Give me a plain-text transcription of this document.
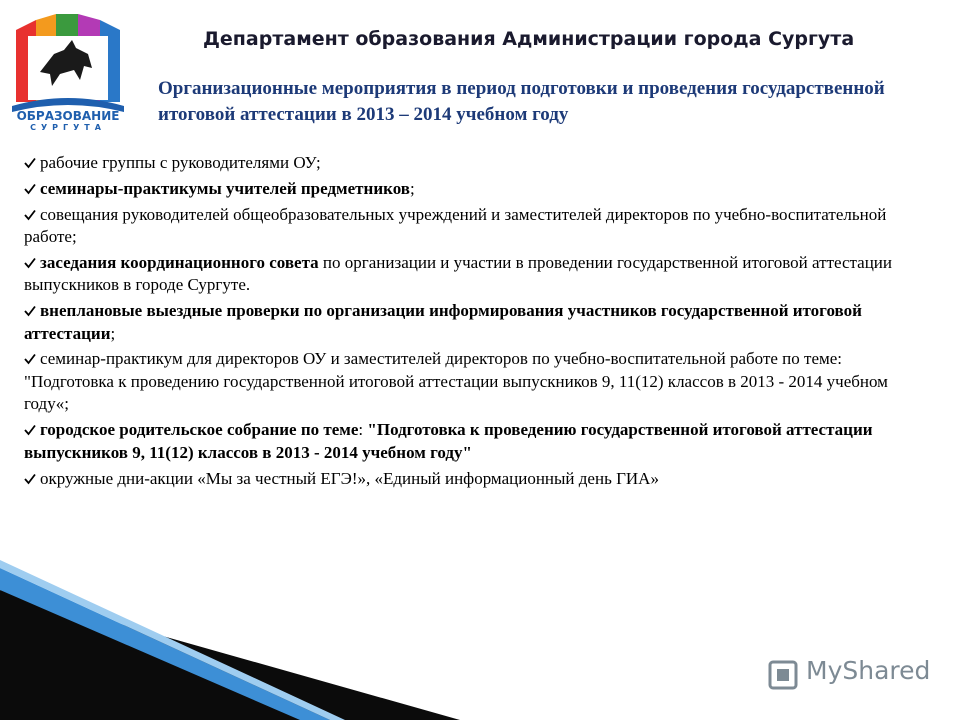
ОБРАЗОВАНИЕ
СУРГУТА
Департамент образования Администрации города Сургута
Организационные мероприятия в период подготовки и проведения государственной итоговой аттестации в 2013 – 2014 учебном году
рабочие группы с руководителями ОУ;
семинары-практикумы учителей предметников;
совещания руководителей общеобразовательных учреждений и заместителей директоров по учебно-воспитательной работе;
заседания координационного совета по организации и участии в проведении государственной итоговой аттестации выпускников в городе Сургуте.
внеплановые выездные проверки по организации информирования участников государственной итоговой аттестации;
семинар-практикум для директоров ОУ и заместителей директоров по учебно-воспитательной работе по теме: "Подготовка к проведению государственной итоговой аттестации выпускников 9, 11(12) классов в 2013 - 2014 учебном году«;
городское родительское собрание по теме: "Подготовка к проведению государственной итоговой аттестации выпускников 9, 11(12) классов в 2013 - 2014 учебном году"
окружные дни-акции «Мы за честный ЕГЭ!», «Единый информационный день ГИА»
MyShared
